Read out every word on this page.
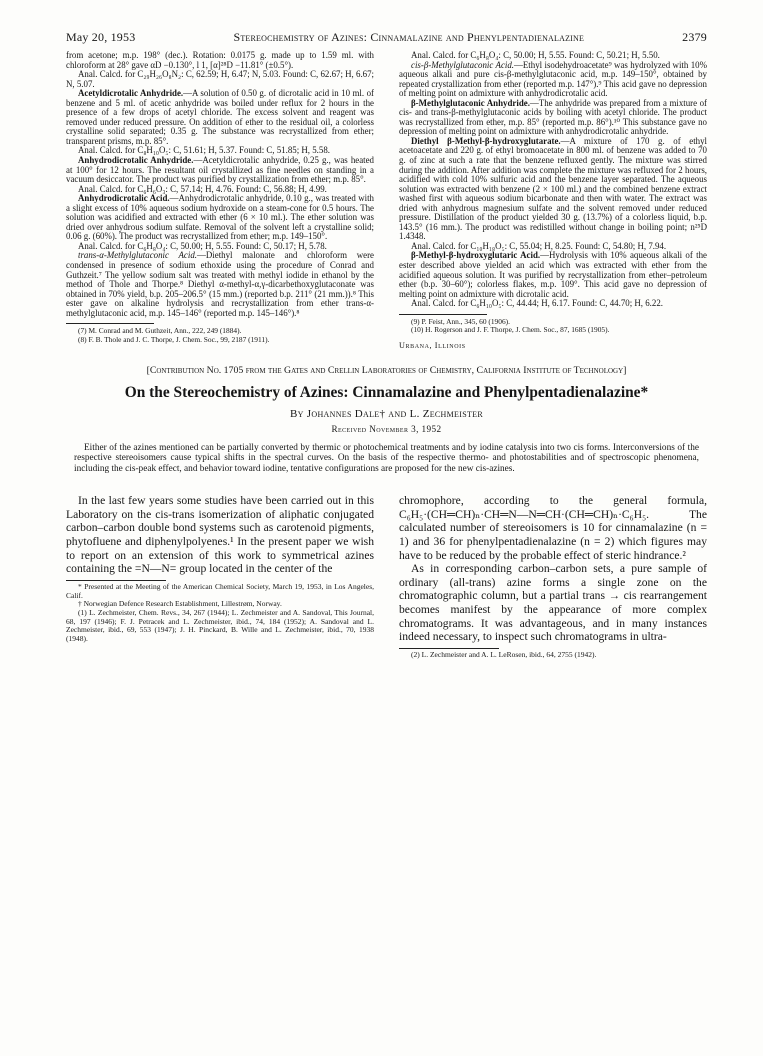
May 20, 1953	Stereochemistry of Azines: Cinnamalazine and Phenylpentadienalazine	2379

from acetone; m.p. 198° (dec.). Rotation: 0.0175 g. made up to 1.59 ml. with chloroform at 28° gave αD −0.130°, l 1, [α]²⁸D −11.81° (±0.5°).

Anal. Calcd. for C₂₉H₂₆O₈N₂: C, 62.59; H, 6.47; N, 5.03. Found: C, 62.67; H, 6.67; N, 5.07.

Acetyldicrotalic Anhydride.—A solution of 0.50 g. of dicrotalic acid in 10 ml. of benzene and 5 ml. of acetic anhydride was boiled under reflux for 2 hours in the presence of a few drops of acetyl chloride. The excess solvent and reagent was removed under reduced pressure. On addition of ether to the residual oil, a colorless crystalline solid separated; 0.35 g. The substance was recrystallized from ether; transparent prisms, m.p. 85°.

Anal. Calcd. for C₈H₁₀O₅: C, 51.61; H, 5.37. Found: C, 51.85; H, 5.58.

Anhydrodicrotalic Anhydride.—Acetyldicrotalic anhydride, 0.25 g., was heated at 100° for 12 hours. The resultant oil crystallized as fine needles on standing in a vacuum desiccator. The product was purified by crystallization from ether; m.p. 85°.

Anal. Calcd. for C₆H₆O₃: C, 57.14; H, 4.76. Found: C, 56.88; H, 4.99.

Anhydrodicrotalic Acid.—Anhydrodicrotalic anhydride, 0.10 g., was treated with a slight excess of 10% aqueous sodium hydroxide on a steam-cone for 0.5 hours. The solution was acidified and extracted with ether (6 × 10 ml.). The ether solution was dried over anhydrous sodium sulfate. Removal of the solvent left a crystalline solid; 0.06 g. (60%). The product was recrystallized from ether; m.p. 149–150°.

Anal. Calcd. for C₆H₈O₄: C, 50.00; H, 5.55. Found: C, 50.17; H, 5.78.

trans-α-Methylglutaconic Acid.—Diethyl malonate and chloroform were condensed in presence of sodium ethoxide using the procedure of Conrad and Guthzeit.⁷ The yellow sodium salt was treated with methyl iodide in ethanol by the method of Thole and Thorpe.⁸ Diethyl α-methyl-α,γ-dicarbethoxyglutaconate was obtained in 70% yield, b.p. 205–206.5° (15 mm.) (reported b.p. 211° (21 mm.)).⁸ This ester gave on alkaline hydrolysis and recrystallization from ether trans-α-methylglutaconic acid, m.p. 145–146° (reported m.p. 145–146°).⁸

(7) M. Conrad and M. Guthzeit, Ann., 222, 249 (1884).

(8) F. B. Thole and J. C. Thorpe, J. Chem. Soc., 99, 2187 (1911).

Anal. Calcd. for C₆H₈O₄: C, 50.00; H, 5.55. Found: C, 50.21; H, 5.50.

cis-β-Methylglutaconic Acid.—Ethyl isodehydroacetate⁹ was hydrolyzed with 10% aqueous alkali and pure cis-β-methylglutaconic acid, m.p. 149–150°, obtained by repeated crystallization from ether (reported m.p. 147°).⁹ This acid gave no depression of melting point on admixture with anhydrodicrotalic acid.

β-Methylglutaconic Anhydride.—The anhydride was prepared from a mixture of cis- and trans-β-methylglutaconic acids by boiling with acetyl chloride. The product was recrystallized from ether, m.p. 85° (reported m.p. 86°).¹⁰ This substance gave no depression of melting point on admixture with anhydrodicrotalic anhydride.

Diethyl β-Methyl-β-hydroxyglutarate.—A mixture of 170 g. of ethyl acetoacetate and 220 g. of ethyl bromoacetate in 800 ml. of benzene was added to 70 g. of zinc at such a rate that the benzene refluxed gently. The mixture was stirred during the addition. After addition was complete the mixture was refluxed for 2 hours, acidified with cold 10% sulfuric acid and the benzene layer separated. The aqueous solution was extracted with benzene (2 × 100 ml.) and the combined benzene extract washed first with aqueous sodium bicarbonate and then with water. The extract was dried with anhydrous magnesium sulfate and the solvent removed under reduced pressure. Distillation of the product yielded 30 g. (13.7%) of a colorless liquid, b.p. 143.5° (16 mm.). The product was redistilled without change in boiling point; n²⁵D 1.4348.

Anal. Calcd. for C₁₀H₁₈O₅: C, 55.04; H, 8.25. Found: C, 54.80; H, 7.94.

β-Methyl-β-hydroxyglutaric Acid.—Hydrolysis with 10% aqueous alkali of the ester described above yielded an acid which was extracted with ether from the acidified aqueous solution. It was purified by recrystallization from ether–petroleum ether (b.p. 30–60°); colorless flakes, m.p. 109°. This acid gave no depression of melting point on admixture with dicrotalic acid.

Anal. Calcd. for C₆H₁₀O₅: C, 44.44; H, 6.17. Found: C, 44.70; H, 6.22.

(9) P. Feist, Ann., 345, 60 (1906).

(10) H. Rogerson and J. F. Thorpe, J. Chem. Soc., 87, 1685 (1905).

Urbana, Illinois
[Contribution No. 1705 from the Gates and Crellin Laboratories of Chemistry, California Institute of Technology]
On the Stereochemistry of Azines: Cinnamalazine and Phenylpentadienalazine*
By Johannes Dale† and L. Zechmeister
Received November 3, 1952

Either of the azines mentioned can be partially converted by thermic or photochemical treatments and by iodine catalysis into two cis forms. Interconversions of the respective stereoisomers cause typical shifts in the spectral curves. On the basis of the respective thermo- and photostabilities and of spectroscopic phenomena, including the cis-peak effect, and behavior toward iodine, tentative configurations are proposed for the new cis-azines.

In the last few years some studies have been carried out in this Laboratory on the cis-trans isomerization of aliphatic conjugated carbon–carbon double bond systems such as carotenoid pigments, phytofluene and diphenylpolyenes.¹ In the present paper we wish to report on an extension of this work to symmetrical azines containing the =N—N= group located in the center of the

* Presented at the Meeting of the American Chemical Society, March 19, 1953, in Los Angeles, Calif.

† Norwegian Defence Research Establishment, Lillestrøm, Norway.

(1) L. Zechmeister, Chem. Revs., 34, 267 (1944); L. Zechmeister and A. Sandoval, This Journal, 68, 197 (1946); F. J. Petracek and L. Zechmeister, ibid., 74, 184 (1952); A. Sandoval and L. Zechmeister, ibid., 69, 553 (1947); J. H. Pinckard, B. Wille and L. Zechmeister, ibid., 70, 1938 (1948).

chromophore, according to the general formula, C₆H₅·(CH═CH)ₙ·CH═N—N═CH·(CH═CH)ₙ·C₆H₅. The calculated number of stereoisomers is 10 for cinnamalazine (n = 1) and 36 for phenylpentadienalazine (n = 2) which figures may have to be reduced by the probable effect of steric hindrance.²

As in corresponding carbon–carbon sets, a pure sample of ordinary (all-trans) azine forms a single zone on the chromatographic column, but a partial trans → cis rearrangement becomes manifest by the appearance of more complex chromatograms. It was advantageous, and in many instances indeed necessary, to inspect such chromatograms in ultra-

(2) L. Zechmeister and A. L. LeRosen, ibid., 64, 2755 (1942).
